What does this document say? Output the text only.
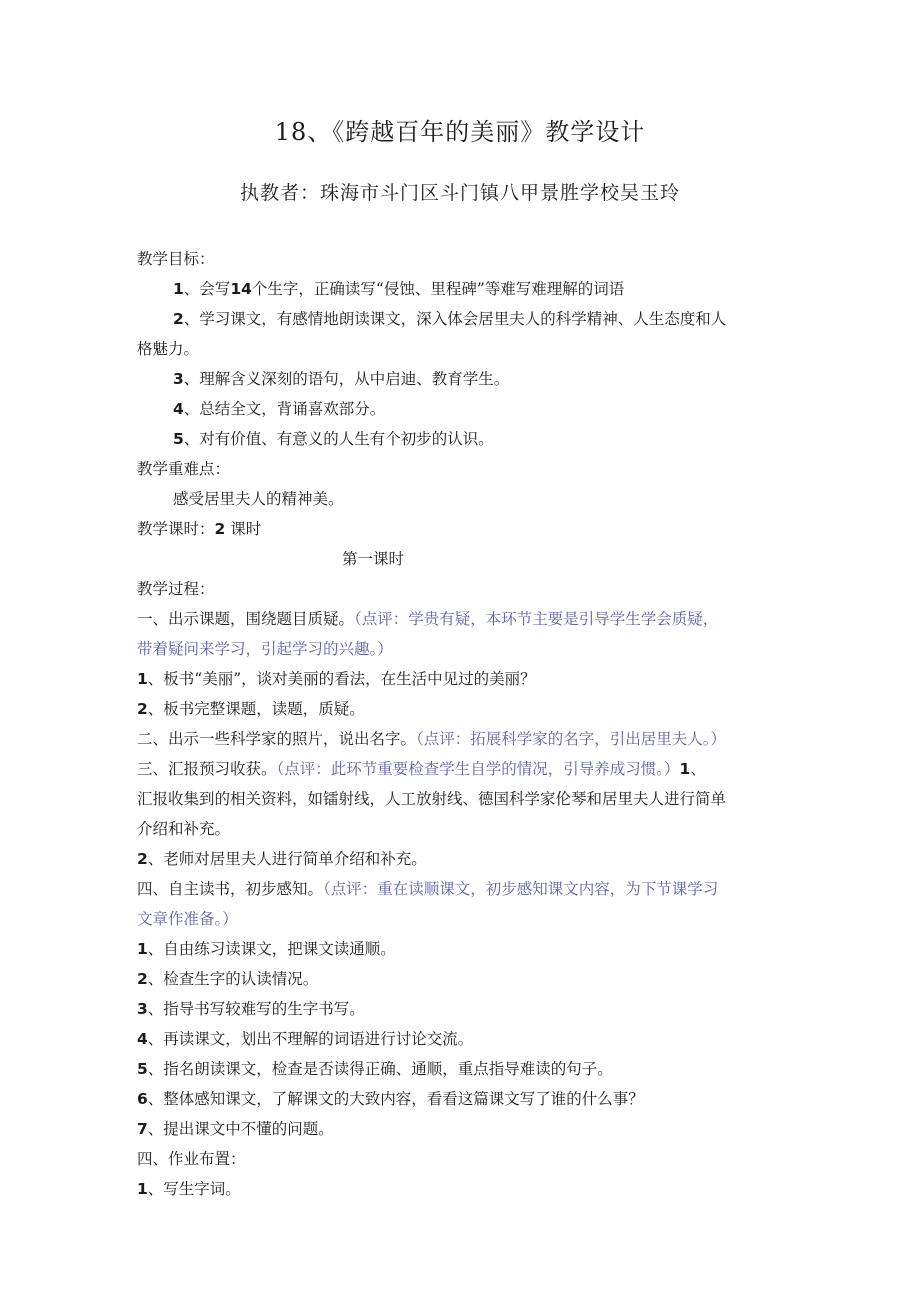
18、《跨越百年的美丽》教学设计
执教者：珠海市斗门区斗门镇八甲景胜学校吴玉玲

教学目标：

1、会写14个生字，正确读写“侵蚀、里程碑”等难写难理解的词语

2、学习课文，有感情地朗读课文，深入体会居里夫人的科学精神、人生态度和人

格魅力。

3、理解含义深刻的语句，从中启迪、教育学生。

4、总结全文，背诵喜欢部分。

5、对有价值、有意义的人生有个初步的认识。

教学重难点：

感受居里夫人的精神美。

教学课时：2 课时

第一课时

教学过程：

一、出示课题，围绕题目质疑。（点评：学贵有疑，本环节主要是引导学生学会质疑，

带着疑问来学习，引起学习的兴趣。）

1、板书“美丽”，谈对美丽的看法，在生活中见过的美丽？

2、板书完整课题，读题，质疑。

二、出示一些科学家的照片，说出名字。（点评：拓展科学家的名字，引出居里夫人。）

三、汇报预习收获。（点评：此环节重要检查学生自学的情况，引导养成习惯。）1、

汇报收集到的相关资料，如镭射线，人工放射线、德国科学家伦琴和居里夫人进行简单

介绍和补充。

2、老师对居里夫人进行简单介绍和补充。

四、自主读书，初步感知。（点评：重在读顺课文，初步感知课文内容，为下节课学习

文章作准备。）

1、自由练习读课文，把课文读通顺。

2、检查生字的认读情况。

3、指导书写较难写的生字书写。

4、再读课文，划出不理解的词语进行讨论交流。

5、指名朗读课文，检查是否读得正确、通顺，重点指导难读的句子。

6、整体感知课文，了解课文的大致内容，看看这篇课文写了谁的什么事？

7、提出课文中不懂的问题。

四、作业布置：

1、写生字词。
